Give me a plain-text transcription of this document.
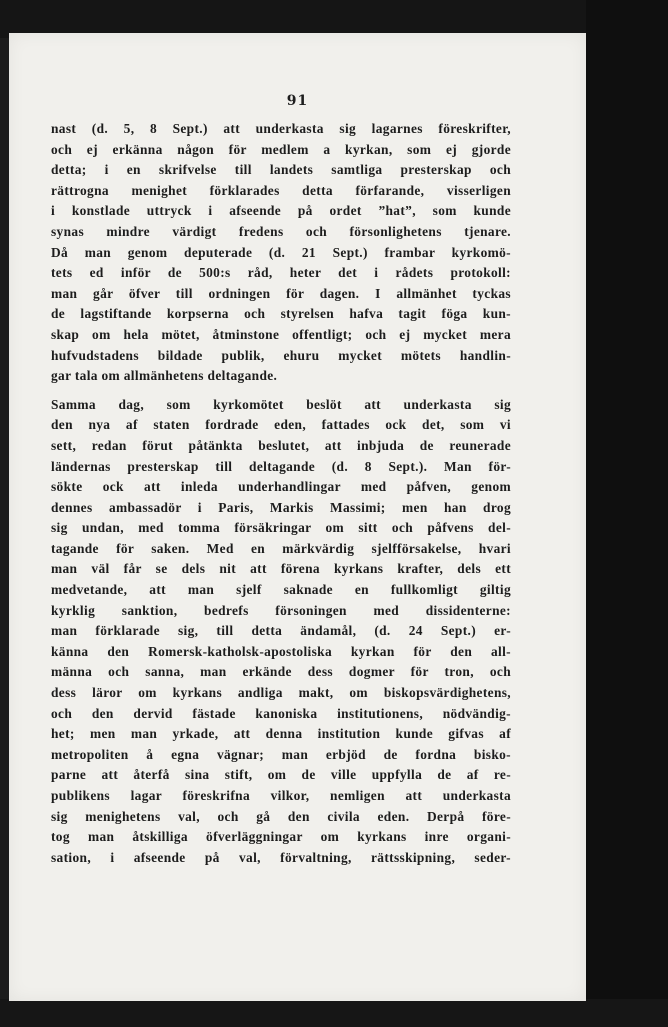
91
nast (d. 5, 8 Sept.) att underkasta sig lagarnes föreskrifter,
och ej erkänna någon för medlem a kyrkan, som ej gjorde
detta; i en skrifvelse till landets samtliga presterskap och
rättrogna menighet förklarades detta förfarande, visserligen
i konstlade uttryck i afseende på ordet ”hat”, som kunde
synas mindre värdigt fredens och försonlighetens tjenare.
Då man genom deputerade (d. 21 Sept.) frambar kyrkomö-
tets ed inför de 500:s råd, heter det i rådets protokoll:
man går öfver till ordningen för dagen. I allmänhet tyckas
de lagstiftande korpserna och styrelsen hafva tagit föga kun-
skap om hela mötet, åtminstone offentligt; och ej mycket mera
hufvudstadens bildade publik, ehuru mycket mötets handlin-
gar tala om allmänhetens deltagande.
Samma dag, som kyrkomötet beslöt att underkasta sig
den nya af staten fordrade eden, fattades ock det, som vi
sett, redan förut påtänkta beslutet, att inbjuda de reunerade
ländernas presterskap till deltagande (d. 8 Sept.). Man för-
sökte ock att inleda underhandlingar med påfven, genom
dennes ambassadör i Paris, Markis Massimi; men han drog
sig undan, med tomma försäkringar om sitt och påfvens del-
tagande för saken. Med en märkvärdig sjelfförsakelse, hvari
man väl får se dels nit att förena kyrkans krafter, dels ett
medvetande, att man sjelf saknade en fullkomligt giltig
kyrklig sanktion, bedrefs försoningen med dissidenterne:
man förklarade sig, till detta ändamål, (d. 24 Sept.) er-
känna den Romersk-katholsk-apostoliska kyrkan för den all-
männa och sanna, man erkände dess dogmer för tron, och
dess läror om kyrkans andliga makt, om biskopsvärdighetens,
och den dervid fästade kanoniska institutionens, nödvändig-
het; men man yrkade, att denna institution kunde gifvas af
metropoliten å egna vägnar; man erbjöd de fordna bisko-
parne att återfå sina stift, om de ville uppfylla de af re-
publikens lagar föreskrifna vilkor, nemligen att underkasta
sig menighetens val, och gå den civila eden. Derpå före-
tog man åtskilliga öfverläggningar om kyrkans inre organi-
sation, i afseende på val, förvaltning, rättsskipning, seder-
